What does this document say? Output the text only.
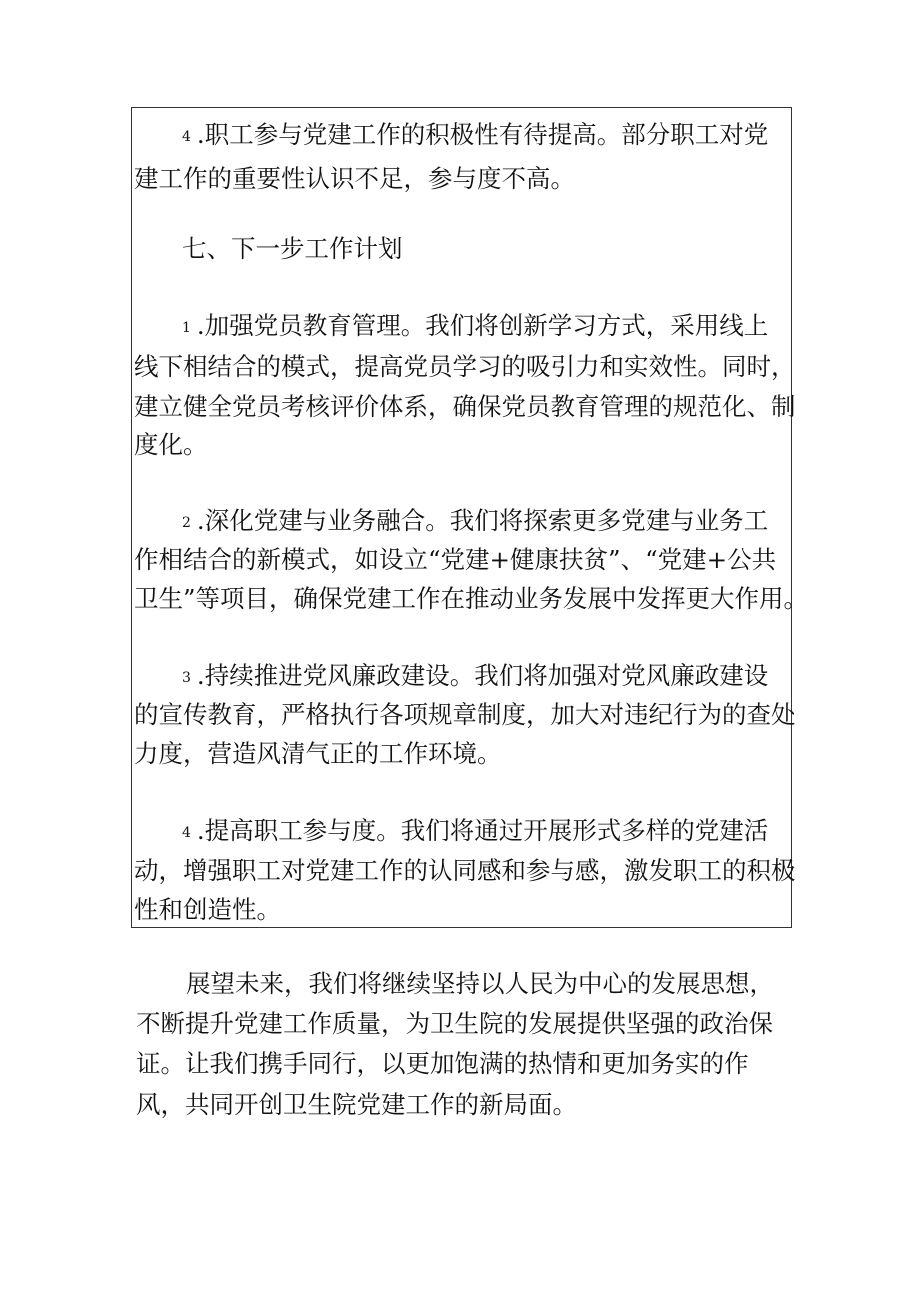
4 .职工参与党建工作的积极性有待提高。部分职工对党
建工作的重要性认识不足，参与度不高。
七、下一步工作计划
1 .加强党员教育管理。我们将创新学习方式，采用线上
线下相结合的模式，提高党员学习的吸引力和实效性。同时，
建立健全党员考核评价体系，确保党员教育管理的规范化、制
度化。
2 .深化党建与业务融合。我们将探索更多党建与业务工
作相结合的新模式，如设立“党建+健康扶贫”、“党建+公共
卫生”等项目，确保党建工作在推动业务发展中发挥更大作用。
3 .持续推进党风廉政建设。我们将加强对党风廉政建设
的宣传教育，严格执行各项规章制度，加大对违纪行为的查处
力度，营造风清气正的工作环境。
4 .提高职工参与度。我们将通过开展形式多样的党建活
动，增强职工对党建工作的认同感和参与感，激发职工的积极
性和创造性。
展望未来，我们将继续坚持以人民为中心的发展思想，
不断提升党建工作质量，为卫生院的发展提供坚强的政治保
证。让我们携手同行，以更加饱满的热情和更加务实的作
风，共同开创卫生院党建工作的新局面。
